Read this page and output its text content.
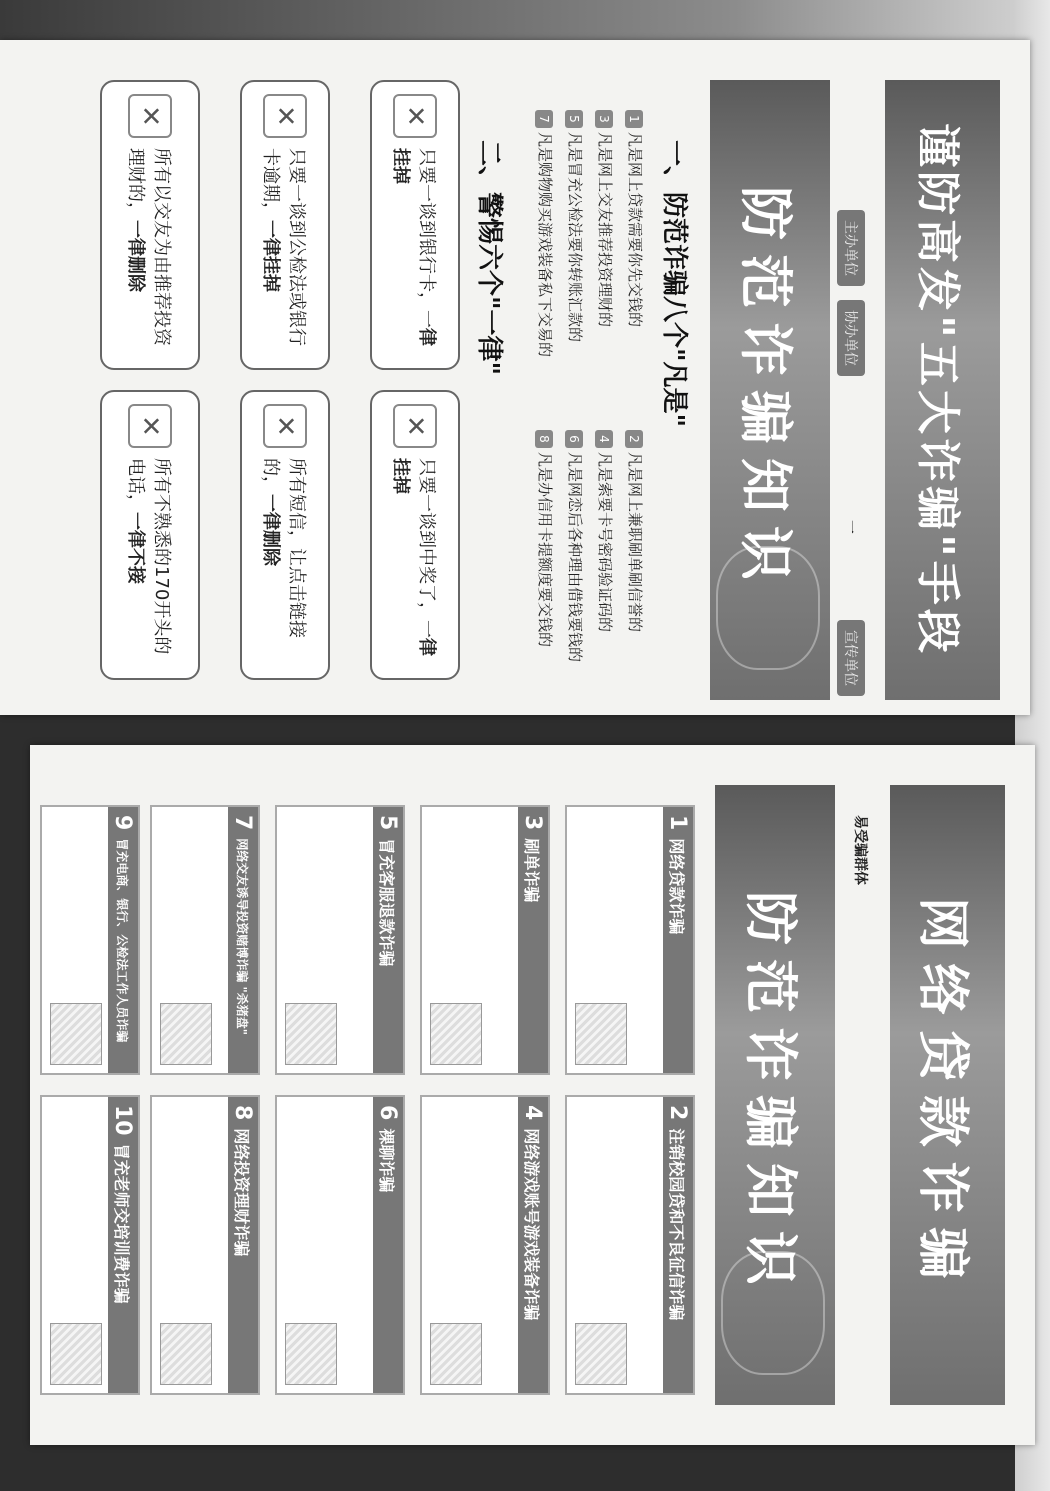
谨防高发"五大诈骗"手段
主办单位
协办单位
一
宣传单位
防范诈骗知识
一、防范诈骗八个"凡是"
1凡是网上贷款需要你先交钱的
3凡是网上交友推荐投资理财的
5凡是冒充公检法要你转账汇款的
7凡是购物购买游戏装备私下交易的
2凡是网上兼职刷单刷信誉的
4凡是索要卡号密码验证码的
6凡是网恋后各种理由借钱要钱的
8凡是办信用卡提额度要交钱的
二、警惕六个"一律"
✕
只要一谈到银行卡，一律挂掉
✕
只要一谈到中奖了，一律挂掉
✕
只要一谈到公检法或银行卡逾期，一律挂掉
✕
所有短信，让点击链接的，一律删除
✕
所有以交友为由推荐投资理财的，一律删除
✕
所有不熟悉的170开头的电话，一律不接
网络贷款诈骗
易受骗群体
防范诈骗知识
1
网络贷款诈骗
2
注销校园贷和不良征信诈骗
3
刷单诈骗
4
网络游戏账号游戏装备诈骗
5
冒充客服退款诈骗
6
裸聊诈骗
7
网络交友诱导投资赌博诈骗 "杀猪盘"
8
网络投资理财诈骗
9
冒充电商、银行、公检法工作人员诈骗
10
冒充老师交培训费诈骗
